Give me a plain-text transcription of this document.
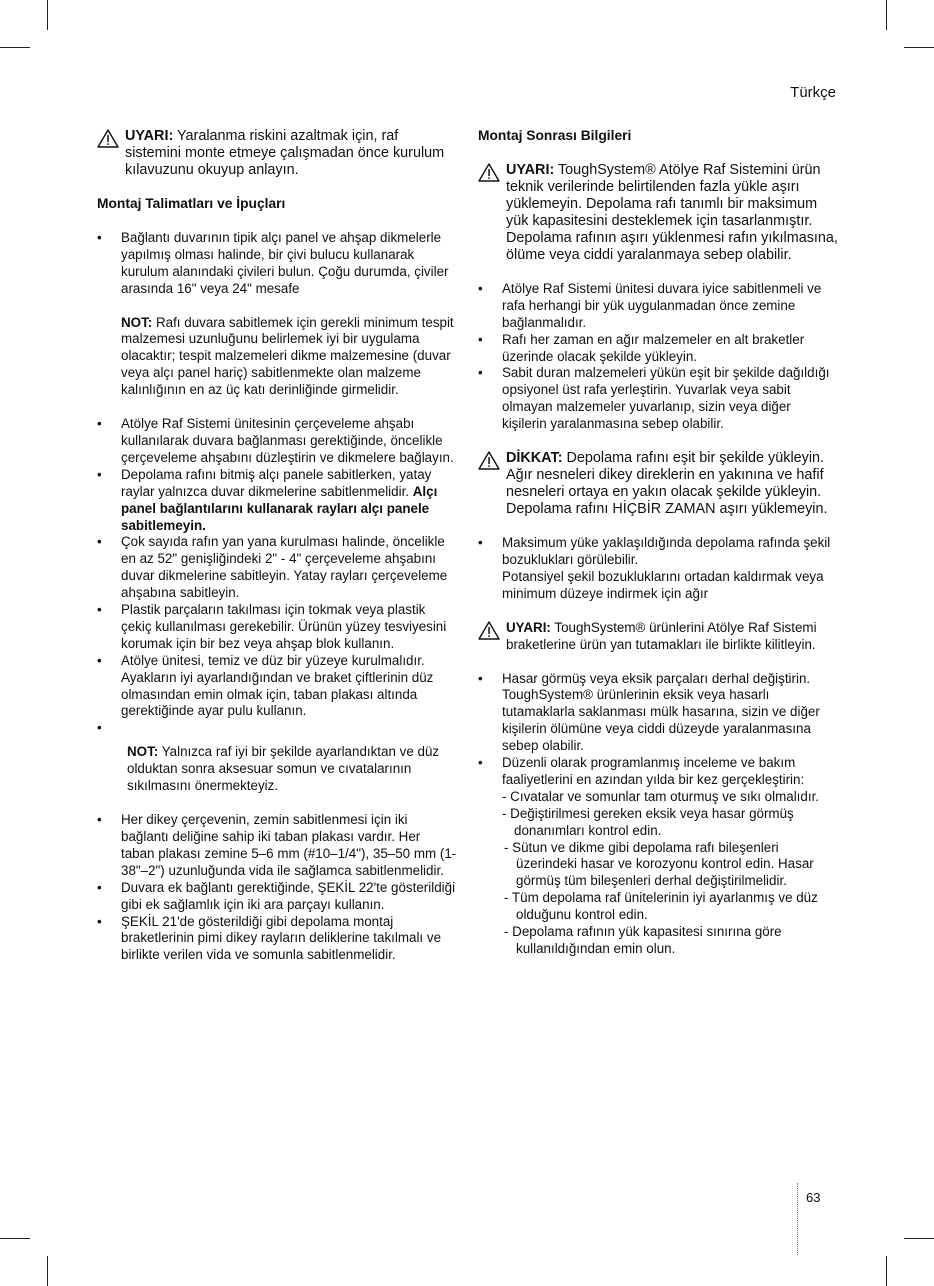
Türkçe
UYARI: Yaralanma riskini azaltmak için, raf sistemini monte etmeye çalışmadan önce kurulum kılavuzunu okuyup anlayın.
Montaj Talimatları ve İpuçları
• Bağlantı duvarının tipik alçı panel ve ahşap dikmelerle yapılmış olması halinde, bir çivi bulucu kullanarak kurulum alanındaki çivileri bulun. Çoğu durumda, çiviler arasında 16" veya 24" mesafe
NOT: Rafı duvara sabitlemek için gerekli minimum tespit malzemesi uzunluğunu belirlemek iyi bir uygulama olacaktır; tespit malzemeleri dikme malzemesine (duvar veya alçı panel hariç) sabitlenmekte olan malzeme kalınlığının en az üç katı derinliğinde girmelidir.
• Atölye Raf Sistemi ünitesinin çerçeveleme ahşabı kullanılarak duvara bağlanması gerektiğinde, öncelikle çerçeveleme ahşabını düzleştirin ve dikmelere bağlayın.
• Depolama rafını bitmiş alçı panele sabitlerken, yatay raylar yalnızca duvar dikmelerine sabitlenmelidir. Alçı panel bağlantılarını kullanarak rayları alçı panele sabitlemeyin.
• Çok sayıda rafın yan yana kurulması halinde, öncelikle en az 52" genişliğindeki 2" - 4" çerçeveleme ahşabını duvar dikmelerine sabitleyin. Yatay rayları çerçeveleme ahşabına sabitleyin.
• Plastik parçaların takılması için tokmak veya plastik çekiç kullanılması gerekebilir. Ürünün yüzey tesviyesini korumak için bir bez veya ahşap blok kullanın.
• Atölye ünitesi, temiz ve düz bir yüzeye kurulmalıdır. Ayakların iyi ayarlandığından ve braket çiftlerinin düz olmasından emin olmak için, taban plakası altında gerektiğinde ayar pulu kullanın.
• NOT: Yalnızca raf iyi bir şekilde ayarlandıktan ve düz olduktan sonra aksesuar somun ve cıvatalarının sıkılmasını önermekteyiz.
• Her dikey çerçevenin, zemin sabitlenmesi için iki bağlantı deliğine sahip iki taban plakası vardır. Her taban plakası zemine 5–6 mm (#10–1/4"), 35–50 mm (1-38"–2") uzunluğunda vida ile sağlamca sabitlenmelidir.
• Duvara ek bağlantı gerektiğinde, ŞEKİL 22'te gösterildiği gibi ek sağlamlık için iki ara parçayı kullanın.
• ŞEKİL 21'de gösterildiği gibi depolama montaj braketlerinin pimi dikey rayların deliklerine takılmalı ve birlikte verilen vida ve somunla sabitlenmelidir.
Montaj Sonrası Bilgileri
UYARI: ToughSystem® Atölye Raf Sistemini ürün teknik verilerinde belirtilenden fazla yükle aşırı yüklemeyin. Depolama rafı tanımlı bir maksimum yük kapasitesini desteklemek için tasarlanmıştır. Depolama rafının aşırı yüklenmesi rafın yıkılmasına, ölüme veya ciddi yaralanmaya sebep olabilir.
• Atölye Raf Sistemi ünitesi duvara iyice sabitlenmeli ve rafa herhangi bir yük uygulanmadan önce zemine bağlanmalıdır.
• Rafı her zaman en ağır malzemeler en alt braketler üzerinde olacak şekilde yükleyin.
• Sabit duran malzemeleri yükün eşit bir şekilde dağıldığı opsiyonel üst rafa yerleştirin. Yuvarlak veya sabit olmayan malzemeler yuvarlanıp, sizin veya diğer kişilerin yaralanmasına sebep olabilir.
DİKKAT: Depolama rafını eşit bir şekilde yükleyin. Ağır nesneleri dikey direklerin en yakınına ve hafif nesneleri ortaya en yakın olacak şekilde yükleyin. Depolama rafını HİÇBİR ZAMAN aşırı yüklemeyin.
• Maksimum yüke yaklaşıldığında depolama rafında şekil bozuklukları görülebilir.
Potansiyel şekil bozukluklarını ortadan kaldırmak veya minimum düzeye indirmek için ağır
UYARI: ToughSystem® ürünlerini Atölye Raf Sistemi braketlerine ürün yan tutamakları ile birlikte kilitleyin.
• Hasar görmüş veya eksik parçaları derhal değiştirin. ToughSystem® ürünlerinin eksik veya hasarlı tutamaklarla saklanması mülk hasarına, sizin ve diğer kişilerin ölümüne veya ciddi düzeyde yaralanmasına sebep olabilir.
• Düzenli olarak programlanmış inceleme ve bakım faaliyetlerini en azından yılda bir kez gerçekleştirin:
- Cıvatalar ve somunlar tam oturmuş ve sıkı olmalıdır.
- Değiştirilmesi gereken eksik veya hasar görmüş donanımları kontrol edin.
- Sütun ve dikme gibi depolama rafı bileşenleri üzerindeki hasar ve korozyonu kontrol edin. Hasar görmüş tüm bileşenleri derhal değiştirilmelidir.
- Tüm depolama raf ünitelerinin iyi ayarlanmış ve düz olduğunu kontrol edin.
- Depolama rafının yük kapasitesi sınırına göre kullanıldığından emin olun.
63
